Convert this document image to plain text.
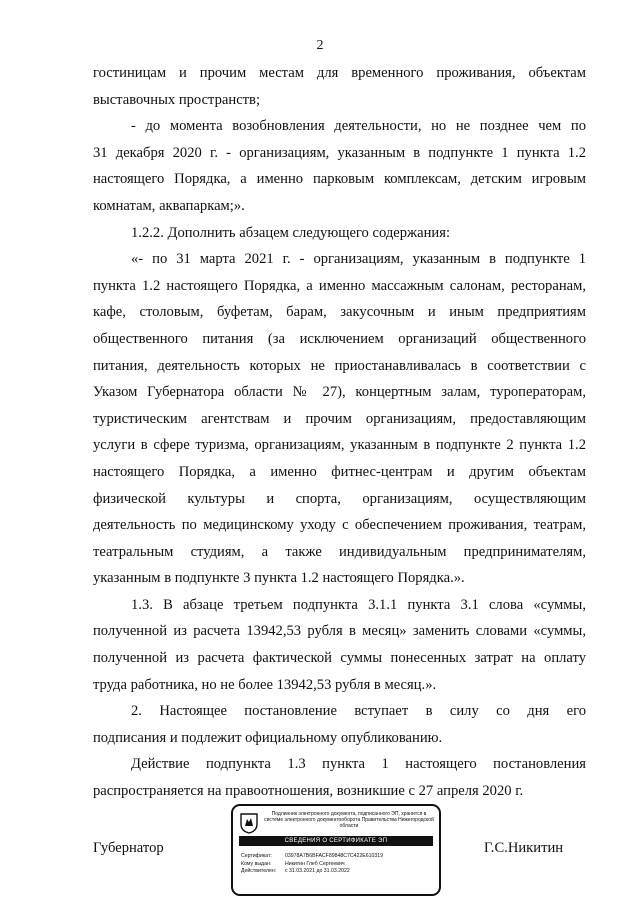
2

гостиницам и прочим местам для временного проживания, объектам
выставочных пространств;

- до момента возобновления деятельности, но не позднее чем по
31 декабря 2020 г. - организациям, указанным в подпункте 1 пункта 1.2
настоящего Порядка, а именно парковым комплексам, детским игровым
комнатам, аквапаркам;».

1.2.2. Дополнить абзацем следующего содержания:

«- по 31 марта 2021 г. - организациям, указанным в подпункте 1
пункта 1.2 настоящего Порядка, а именно массажным салонам, ресторанам,
кафе, столовым, буфетам, барам, закусочным и иным предприятиям
общественного питания (за исключением организаций общественного
питания, деятельность которых не приостанавливалась в соответствии с
Указом Губернатора области № 27), концертным залам, туроператорам,
туристическим агентствам и прочим организациям, предоставляющим
услуги в сфере туризма, организациям, указанным в подпункте 2 пункта 1.2
настоящего Порядка, а именно фитнес-центрам и другим объектам
физической культуры и спорта, организациям, осуществляющим
деятельность по медицинскому уходу с обеспечением проживания, театрам,
театральным студиям, а также индивидуальным предпринимателям,
указанным в подпункте 3 пункта 1.2 настоящего Порядка.».

1.3. В абзаце третьем подпункта 3.1.1 пункта 3.1 слова «суммы,
полученной из расчета 13942,53 рубля в месяц» заменить словами «суммы,
полученной из расчета фактической суммы понесенных затрат на оплату
труда работника, но не более 13942,53 рубля в месяц.».

2. Настоящее постановление вступает в силу со дня его
подписания и подлежит официальному опубликованию.

Действие подпункта 1.3 пункта 1 настоящего постановления
распространяется на правоотношения, возникшие с 27 апреля 2020 г.

Губернатор	Г.С.Никитин
Подлинник электронного документа, подписанного ЭП, хранится в системе электронного документооборота Правительства Нижегородской области
СВЕДЕНИЯ О СЕРТИФИКАТЕ ЭП
Сертификат:	03978A7B6BFACF89848C7C422E610319
Кому выдан:	Никитин Глеб Сергеевич
Действителен: с 31.03.2021 до 31.03.2022
